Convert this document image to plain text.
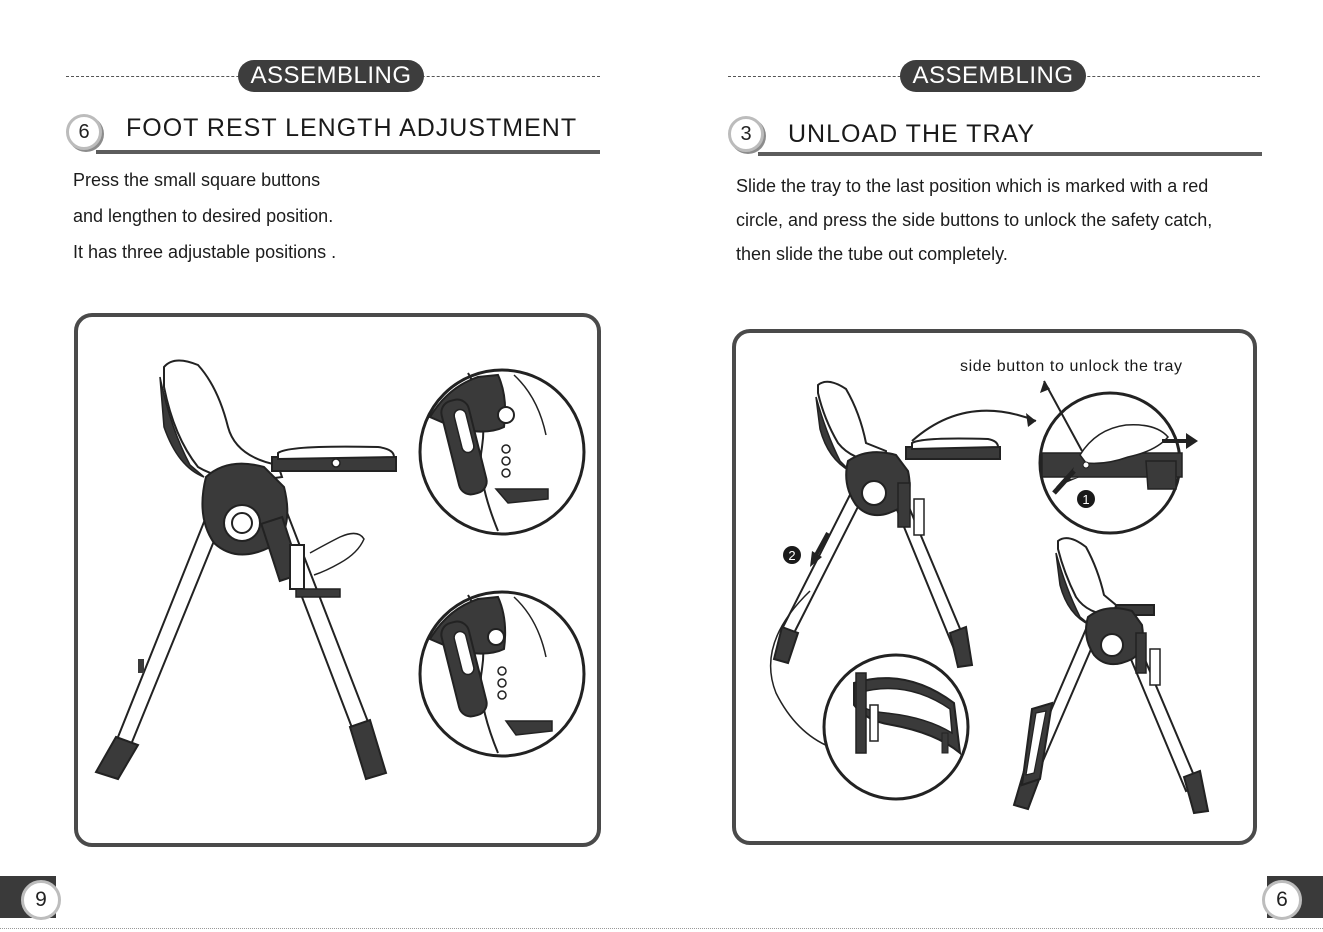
ASSEMBLING
6	FOOT REST LENGTH ADJUSTMENT
Press the small square buttons
and lengthen to desired position.
It has three adjustable positions .
9
ASSEMBLING
3	UNLOAD THE TRAY
Slide the tray to the last position which is marked with a red
circle, and press the side buttons to unlock the safety catch,
then slide the tube out completely.
1
2
side button to unlock the tray
6
